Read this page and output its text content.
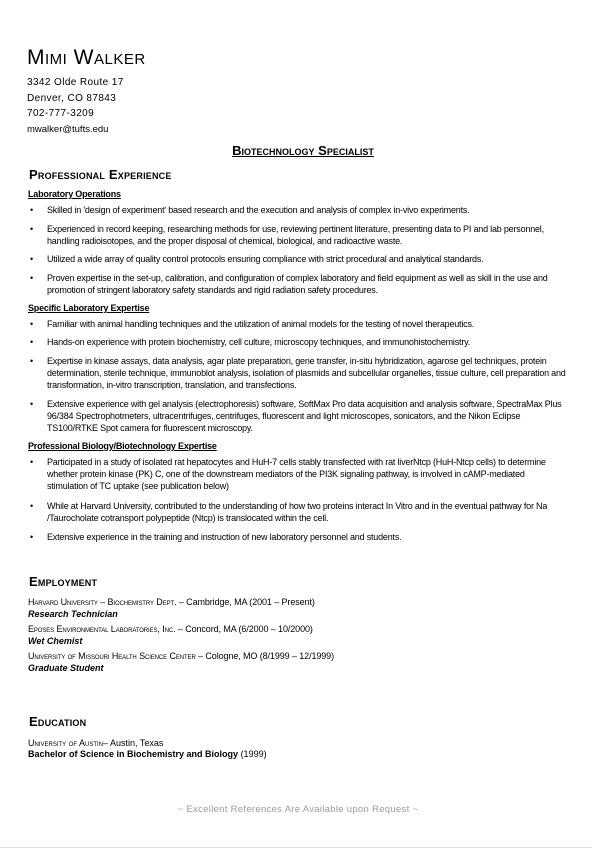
Mimi Walker
3342 Olde Route 17
Denver, CO 87843
702-777-3209
mwalker@tufts.edu
Biotechnology Specialist
Professional Experience
Laboratory Operations
•	Skilled in 'design of experiment' based research and the execution and analysis of complex in-vivo experiments.
•	Experienced in record keeping, researching methods for use, reviewing pertinent literature, presenting data to PI and lab personnel, handling radioisotopes, and the proper disposal of chemical, biological, and radioactive waste.
•	Utilized a wide array of quality control protocols ensuring compliance with strict procedural and analytical standards.
•	Proven expertise in the set-up, calibration, and configuration of complex laboratory and field equipment as well as skill in the use and promotion of stringent laboratory safety standards and rigid radiation safety procedures.
Specific Laboratory Expertise
•	Familiar with animal handling techniques and the utilization of animal models for the testing of novel therapeutics.
•	Hands-on experience with protein biochemistry, cell culture, microscopy techniques, and immunohistochemistry.
•	Expertise in kinase assays, data analysis, agar plate preparation, gene transfer, in-situ hybridization, agarose gel techniques, protein determination, sterile technique, immunoblot analysis, isolation of plasmids and subcellular organelles, tissue culture, cell preparation and transformation, in-vitro transcription, translation, and transfections.
•	Extensive experience with gel analysis (electrophoresis) software, SoftMax Pro data acquisition and analysis software, SpectraMax Plus 96/384 Spectrophotmeters, ultracentrifuges, centrifuges, fluorescent and light microscopes, sonicators, and the Nikon Eclipse TS100/RTKE Spot camera for fluorescent microscopy.
Professional Biology/Biotechnology Expertise
•	Participated in a study of isolated rat hepatocytes and HuH-7 cells stably transfected with rat liverNtcp (HuH-Ntcp cells) to determine whether protein kinase (PK) C, one of the downstream mediators of the PI3K signaling pathway, is involved in cAMP-mediated stimulation of TC uptake (see publication below)
•	While at Harvard University, contributed to the understanding of how two proteins interact In Vitro and in the eventual pathway for Na /Taurocholate cotransport polypeptide (Ntcp) is translocated within the cell.
•	Extensive experience in the training and instruction of new laboratory personnel and students.
Employment
Harvard University – Biochemistry Dept. – Cambridge, MA (2001 – Present)
Research Technician
Eposes Environmental Laboratories, Inc. – Concord, MA (6/2000 – 10/2000)
Wet Chemist
University of Missouri Health Science Center – Cologne, MO (8/1999 – 12/1999)
Graduate Student
Education
University of Austin– Austin, Texas
Bachelor of Science in Biochemistry and Biology (1999)
~ Excellent References Are Available upon Request ~
